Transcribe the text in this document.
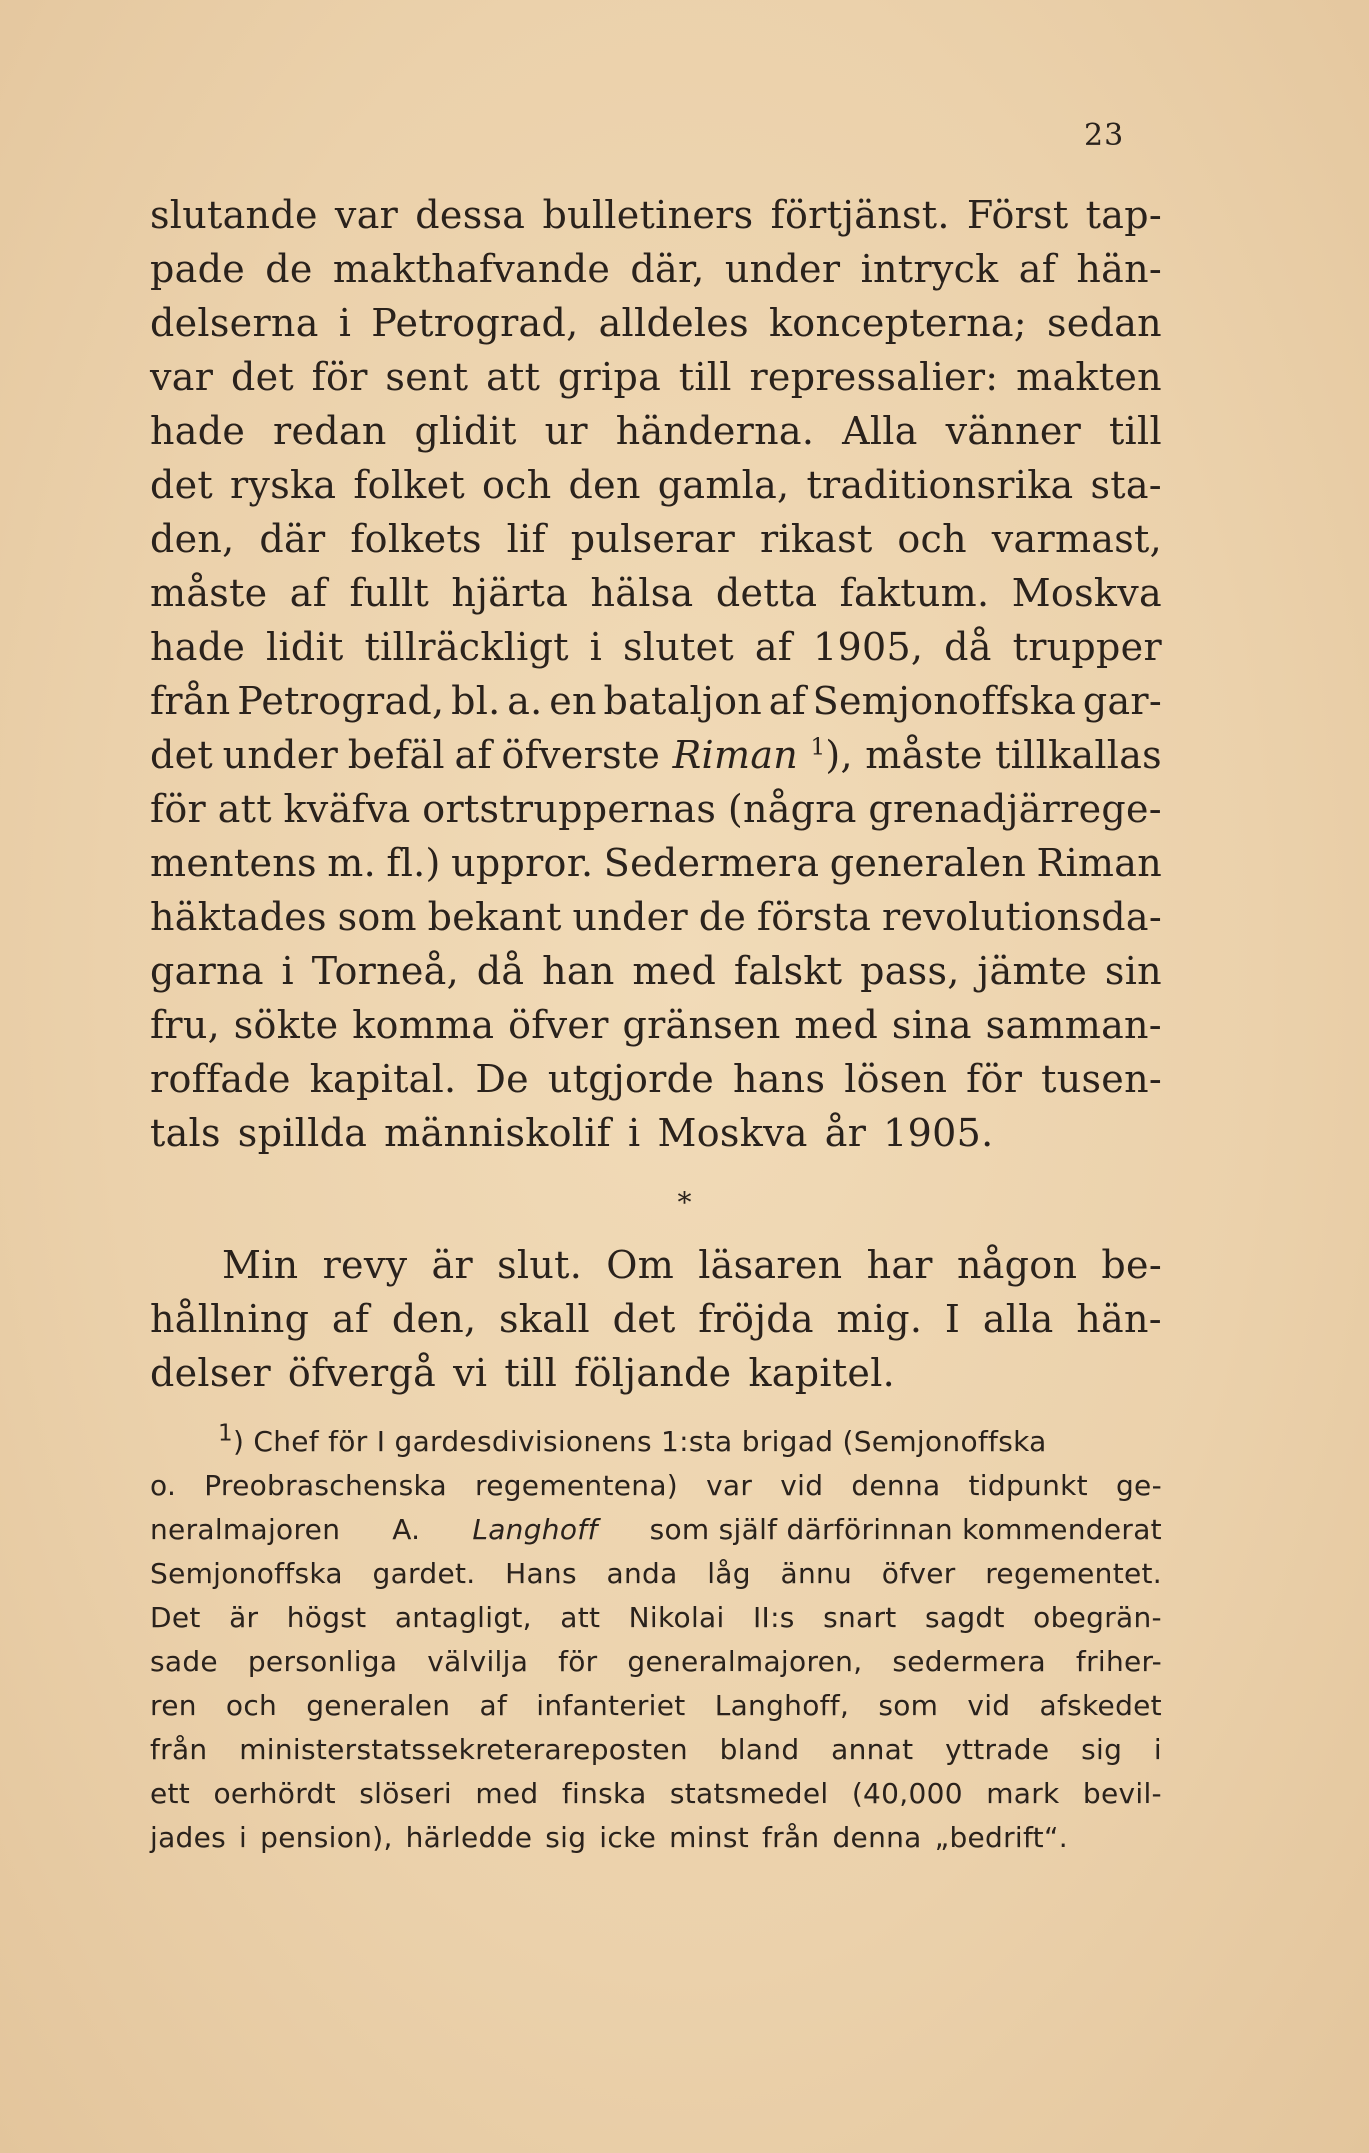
23
slutande var dessa bulletiners förtjänst. Först tap-
pade de makthafvande där, under intryck af hän-
delserna i Petrograd, alldeles koncepterna; sedan
var det för sent att gripa till repressalier: makten
hade redan glidit ur händerna. Alla vänner till
det ryska folket och den gamla, traditionsrika sta-
den, där folkets lif pulserar rikast och varmast,
måste af fullt hjärta hälsa detta faktum. Moskva
hade lidit tillräckligt i slutet af 1905, då trupper
från Petrograd, bl. a. en bataljon af Semjonoffska gar-
det under befäl af öfverste Riman $^1$), måste tillkallas
för att kväfva ortstruppernas (några grenadjärrege-
mentens m. fl.) uppror. Sedermera generalen Riman
häktades som bekant under de första revolutionsda-
garna i Torneå, då han med falskt pass, jämte sin
fru, sökte komma öfver gränsen med sina samman-
roffade kapital. De utgjorde hans lösen för tusen-
tals spillda människolif i Moskva år 1905.
*
Min revy är slut. Om läsaren har någon be-
hållning af den, skall det fröjda mig. I alla hän-
delser öfvergå vi till följande kapitel.
$^1$) Chef för I gardesdivisionens 1:sta brigad (Semjonoffska
o. Preobraschenska regementena) var vid denna tidpunkt ge-
neralmajoren A. Langhoff som själf därförinnan kommenderat
Semjonoffska gardet. Hans anda låg ännu öfver regementet.
Det är högst antagligt, att Nikolai II:s snart sagdt obegrän-
sade personliga välvilja för generalmajoren, sedermera friher-
ren och generalen af infanteriet Langhoff, som vid afskedet
från ministerstatssekreterareposten bland annat yttrade sig i
ett oerhördt slöseri med finska statsmedel (40,000 mark bevil-
jades i pension), härledde sig icke minst från denna „bedrift“.
